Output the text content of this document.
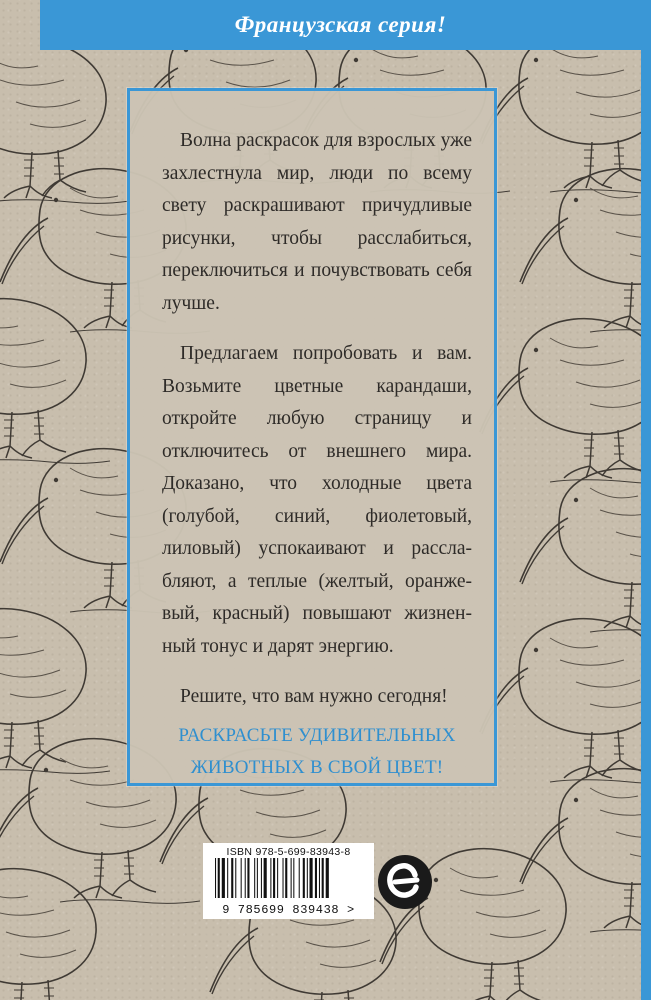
Французская серия!

Волна раскрасок для взрослых уже захлестнула мир, люди по всему свету раскрашивают причудливые рисунки, чтобы расслабиться, переключиться и почувствовать себя лучше.

Предлагаем попробовать и вам. Возьмите цветные карандаши, откройте любую страницу и отключитесь от внешнего мира. Доказано, что холодные цвета (голубой, синий, фиолетовый, лиловый) успокаивают и расслабляют, а теплые (желтый, оранжевый, красный) повышают жизненный тонус и дарят энергию.

Решите, что вам нужно сегодня!

РАСКРАСЬТЕ УДИВИТЕЛЬНЫХ
ЖИВОТНЫХ В СВОЙ ЦВЕТ!
ISBN 978-5-699-83943-8
9 785699 839438 >
